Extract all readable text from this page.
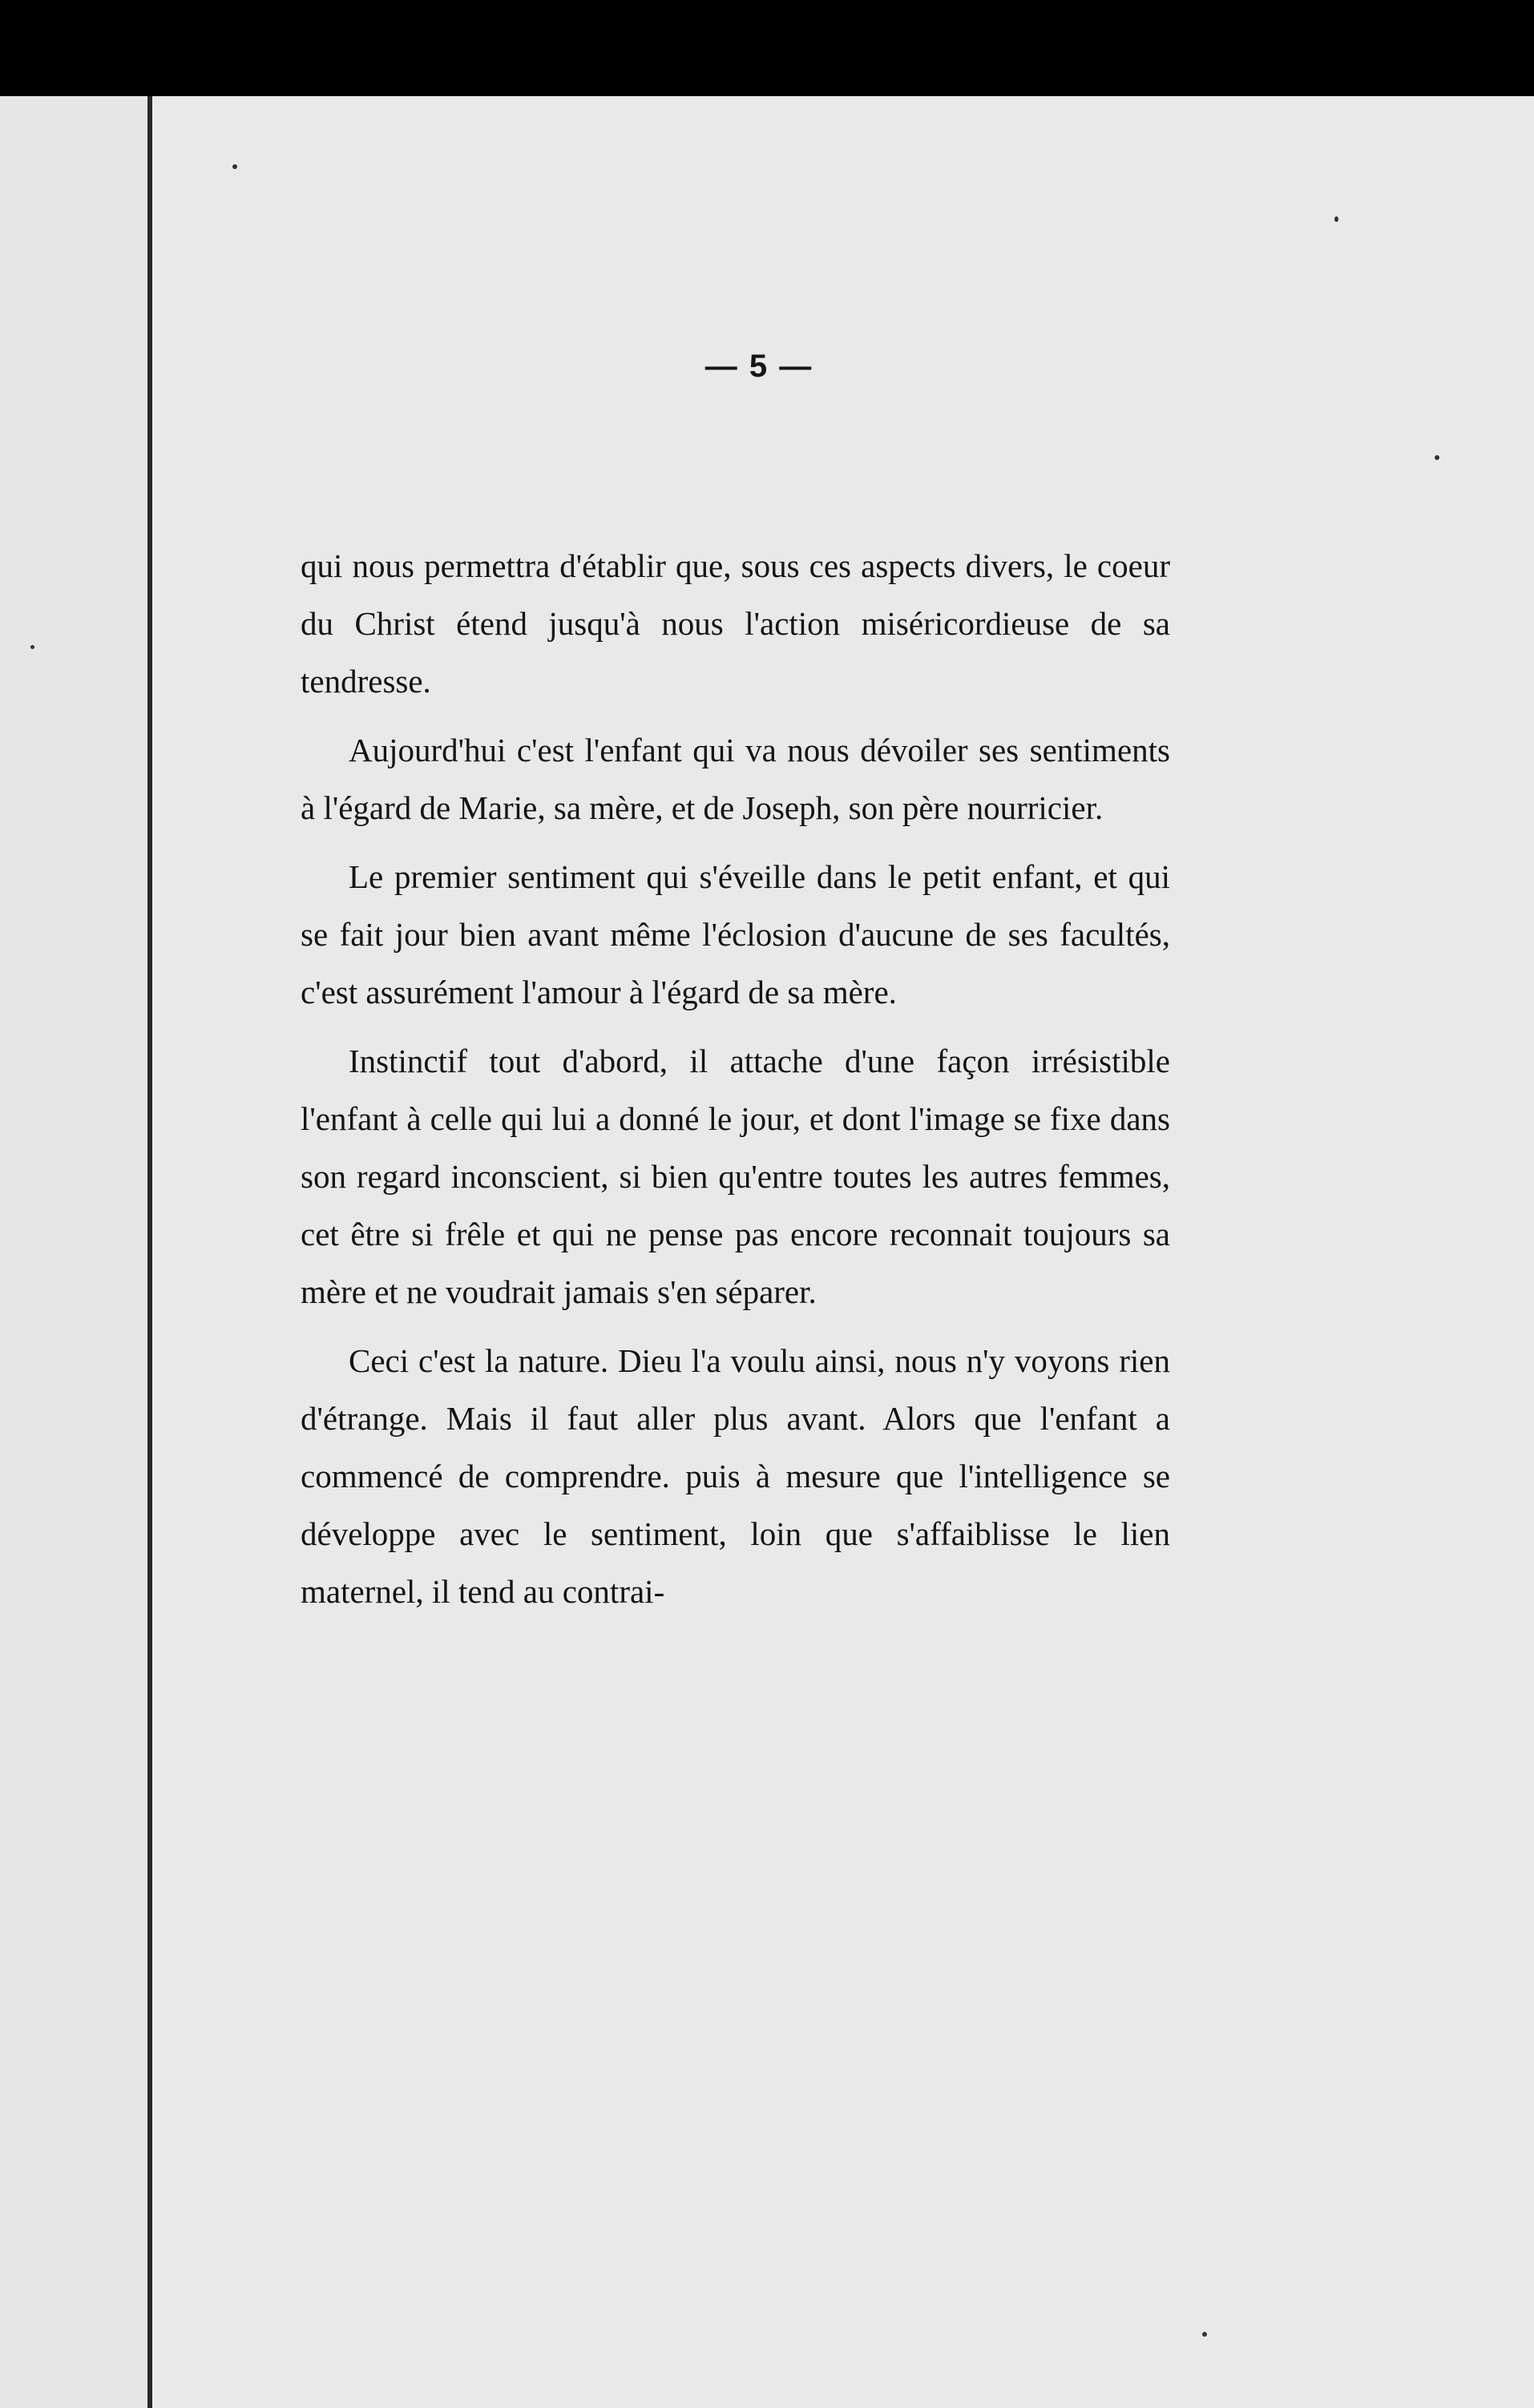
— 5 —

qui nous permettra d'établir que, sous ces aspects divers, le coeur du Christ étend jusqu'à nous l'action miséricordieuse de sa tendresse.

Aujourd'hui c'est l'enfant qui va nous dévoiler ses sentiments à l'égard de Marie, sa mère, et de Joseph, son père nourricier.

Le premier sentiment qui s'éveille dans le petit enfant, et qui se fait jour bien avant même l'éclosion d'aucune de ses facultés, c'est assurément l'amour à l'égard de sa mère.

Instinctif tout d'abord, il attache d'une façon irrésistible l'enfant à celle qui lui a donné le jour, et dont l'image se fixe dans son regard inconscient, si bien qu'entre toutes les autres femmes, cet être si frêle et qui ne pense pas encore reconnait toujours sa mère et ne voudrait jamais s'en séparer.

Ceci c'est la nature. Dieu l'a voulu ainsi, nous n'y voyons rien d'étrange. Mais il faut aller plus avant. Alors que l'enfant a commencé de comprendre. puis à mesure que l'intelligence se développe avec le sentiment, loin que s'affaiblisse le lien maternel, il tend au contrai-
